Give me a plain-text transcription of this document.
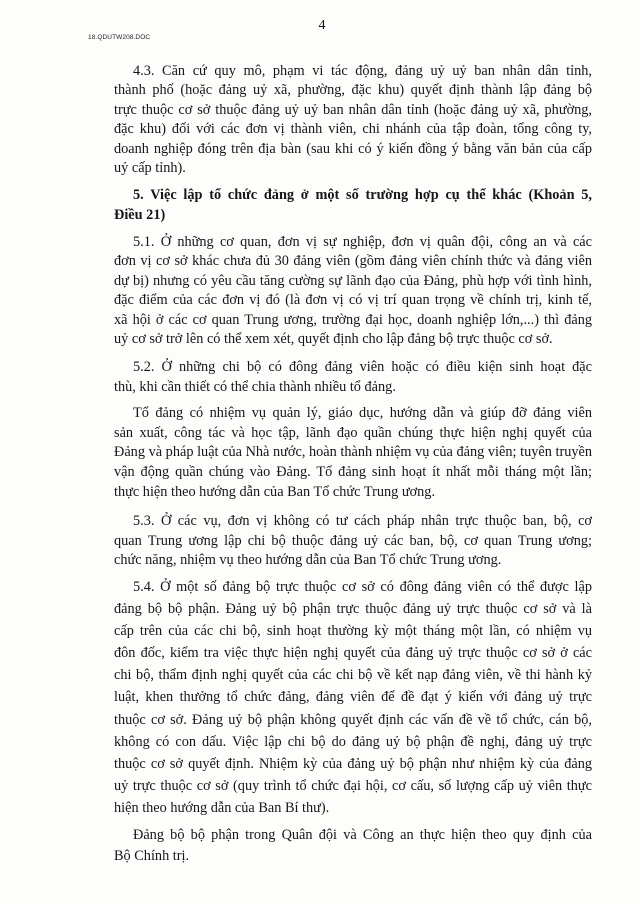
18.QDUTW208.DOC
4
4.3. Căn cứ quy mô, phạm vi tác động, đảng uỷ uỷ ban nhân dân tỉnh,
thành phố (hoặc đảng uỷ xã, phường, đặc khu) quyết định thành lập đảng bộ
trực thuộc cơ sở thuộc đảng uỷ uỷ ban nhân dân tỉnh (hoặc đảng uỷ xã, phường,
đặc khu) đối với các đơn vị thành viên, chi nhánh của tập đoàn, tổng công ty,
doanh nghiệp đóng trên địa bàn (sau khi có ý kiến đồng ý bằng văn bản của cấp
uỷ cấp tỉnh).
5. Việc lập tổ chức đảng ở một số trường hợp cụ thể khác (Khoản 5,
Điều 21)
5.1. Ở những cơ quan, đơn vị sự nghiệp, đơn vị quân đội, công an và các
đơn vị cơ sở khác chưa đủ 30 đảng viên (gồm đảng viên chính thức và đảng viên
dự bị) nhưng có yêu cầu tăng cường sự lãnh đạo của Đảng, phù hợp với tình hình,
đặc điểm của các đơn vị đó (là đơn vị có vị trí quan trọng về chính trị, kinh tế,
xã hội ở các cơ quan Trung ương, trường đại học, doanh nghiệp lớn,...) thì đảng
uỷ cơ sở trở lên có thể xem xét, quyết định cho lập đảng bộ trực thuộc cơ sở.
5.2. Ở những chi bộ có đông đảng viên hoặc có điều kiện sinh hoạt đặc
thù, khi cần thiết có thể chia thành nhiều tổ đảng.
Tổ đảng có nhiệm vụ quản lý, giáo dục, hướng dẫn và giúp đỡ đảng viên
sản xuất, công tác và học tập, lãnh đạo quần chúng thực hiện nghị quyết của
Đảng và pháp luật của Nhà nước, hoàn thành nhiệm vụ của đảng viên; tuyên truyền
vận động quần chúng vào Đảng. Tổ đảng sinh hoạt ít nhất mỗi tháng một lần;
thực hiện theo hướng dẫn của Ban Tổ chức Trung ương.
5.3. Ở các vụ, đơn vị không có tư cách pháp nhân trực thuộc ban, bộ, cơ
quan Trung ương lập chi bộ thuộc đảng uỷ các ban, bộ, cơ quan Trung ương;
chức năng, nhiệm vụ theo hướng dẫn của Ban Tổ chức Trung ương.
5.4. Ở một số đảng bộ trực thuộc cơ sở có đông đảng viên có thể được lập
đảng bộ bộ phận. Đảng uỷ bộ phận trực thuộc đảng uỷ trực thuộc cơ sở và là
cấp trên của các chi bộ, sinh hoạt thường kỳ một tháng một lần, có nhiệm vụ
đôn đốc, kiểm tra việc thực hiện nghị quyết của đảng uỷ trực thuộc cơ sở ở các
chi bộ, thẩm định nghị quyết của các chi bộ về kết nạp đảng viên, về thi hành kỷ
luật, khen thưởng tổ chức đảng, đảng viên để đề đạt ý kiến với đảng uỷ trực
thuộc cơ sở. Đảng uỷ bộ phận không quyết định các vấn đề về tổ chức, cán bộ,
không có con dấu. Việc lập chi bộ do đảng uỷ bộ phận đề nghị, đảng uỷ trực
thuộc cơ sở quyết định. Nhiệm kỳ của đảng uỷ bộ phận như nhiệm kỳ của đảng
uỷ trực thuộc cơ sở (quy trình tổ chức đại hội, cơ cấu, số lượng cấp uỷ viên thực
hiện theo hướng dẫn của Ban Bí thư).
Đảng bộ bộ phận trong Quân đội và Công an thực hiện theo quy định của
Bộ Chính trị.
